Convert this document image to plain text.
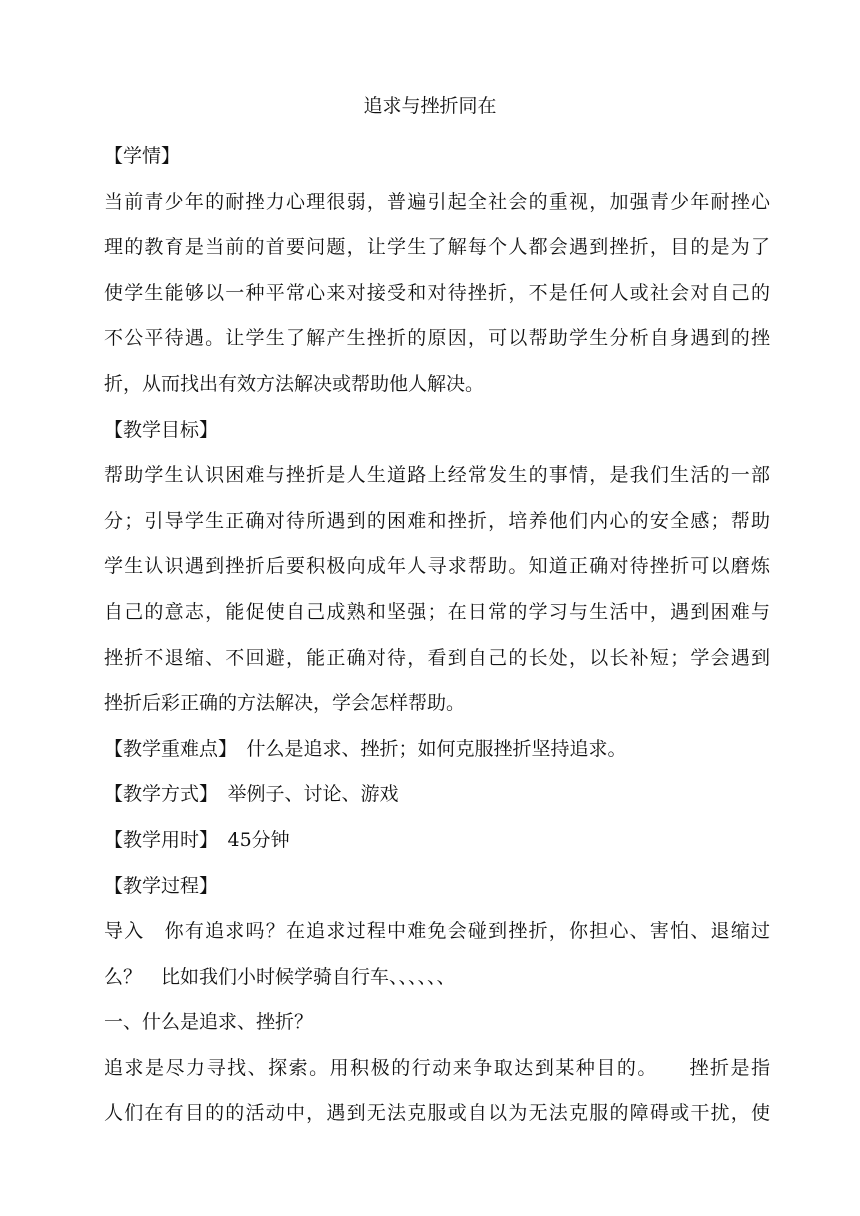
追求与挫折同在

【学情】

当前青少年的耐挫力心理很弱，普遍引起全社会的重视，加强青少年耐挫心

理的教育是当前的首要问题，让学生了解每个人都会遇到挫折，目的是为了

使学生能够以一种平常心来对接受和对待挫折，不是任何人或社会对自己的

不公平待遇。让学生了解产生挫折的原因，可以帮助学生分析自身遇到的挫

折，从而找出有效方法解决或帮助他人解决。

【教学目标】

帮助学生认识困难与挫折是人生道路上经常发生的事情，是我们生活的一部

分；引导学生正确对待所遇到的困难和挫折，培养他们内心的安全感；帮助

学生认识遇到挫折后要积极向成年人寻求帮助。知道正确对待挫折可以磨炼

自己的意志，能促使自己成熟和坚强；在日常的学习与生活中，遇到困难与

挫折不退缩、不回避，能正确对待，看到自己的长处，以长补短；学会遇到

挫折后彩正确的方法解决，学会怎样帮助。

【教学重难点】　什么是追求、挫折；如何克服挫折坚持追求。

【教学方式】　举例子、讨论、游戏

【教学用时】　45分钟

【教学过程】

导入　你有追求吗？在追求过程中难免会碰到挫折，你担心、害怕、退缩过

么？　比如我们小时候学骑自行车、、、、、、

一、什么是追求、挫折？

追求是尽力寻找、探索。用积极的行动来争取达到某种目的。　　挫折是指

人们在有目的的活动中，遇到无法克服或自以为无法克服的障碍或干扰，使
